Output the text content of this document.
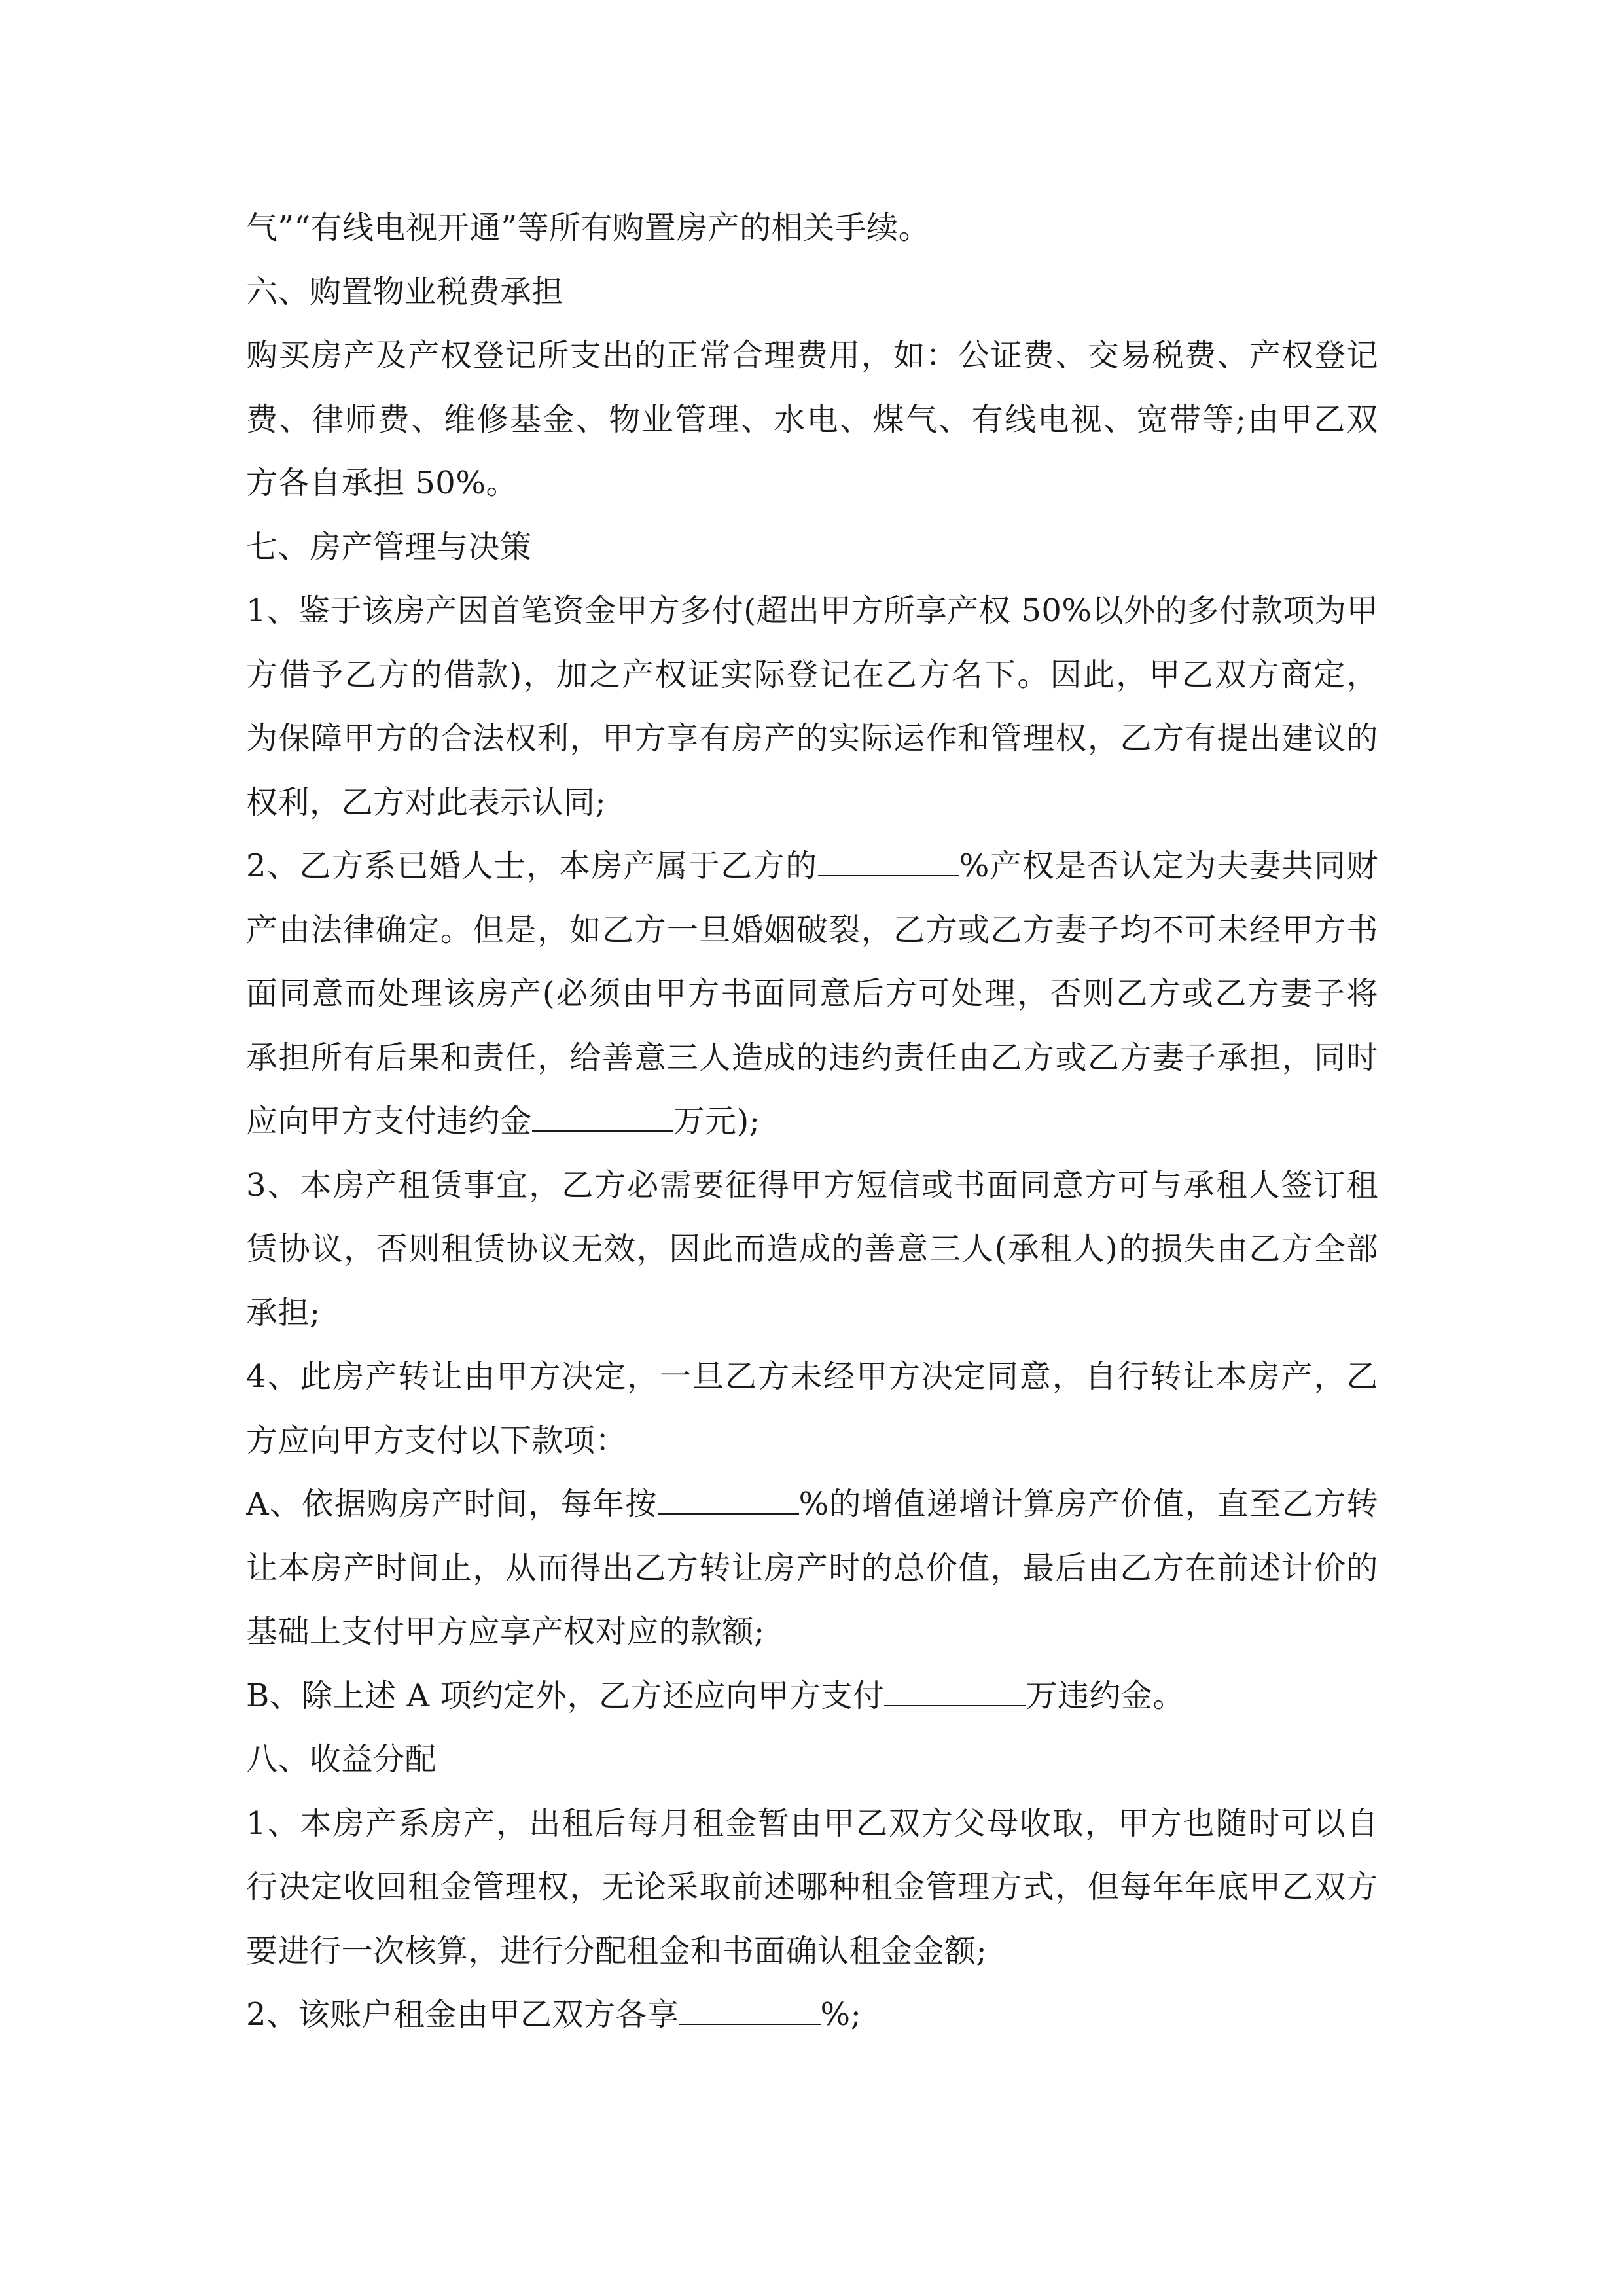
气”“有线电视开通”等所有购置房产的相关手续。
六、购置物业税费承担
购买房产及产权登记所支出的正常合理费用，如：公证费、交易税费、产权登记
费、律师费、维修基金、物业管理、水电、煤气、有线电视、宽带等;由甲乙双
方各自承担 50%。
七、房产管理与决策
1、鉴于该房产因首笔资金甲方多付(超出甲方所享产权 50%以外的多付款项为甲
方借予乙方的借款)，加之产权证实际登记在乙方名下。因此，甲乙双方商定，
为保障甲方的合法权利，甲方享有房产的实际运作和管理权，乙方有提出建议的
权利，乙方对此表示认同;
2、乙方系已婚人士，本房产属于乙方的	%产权是否认定为夫妻共同财
产由法律确定。但是，如乙方一旦婚姻破裂，乙方或乙方妻子均不可未经甲方书
面同意而处理该房产(必须由甲方书面同意后方可处理，否则乙方或乙方妻子将
承担所有后果和责任，给善意三人造成的违约责任由乙方或乙方妻子承担，同时
应向甲方支付违约金	万元);
3、本房产租赁事宜，乙方必需要征得甲方短信或书面同意方可与承租人签订租
赁协议，否则租赁协议无效，因此而造成的善意三人(承租人)的损失由乙方全部
承担;
4、此房产转让由甲方决定，一旦乙方未经甲方决定同意，自行转让本房产，乙
方应向甲方支付以下款项：
A、依据购房产时间，每年按	%的增值递增计算房产价值，直至乙方转
让本房产时间止，从而得出乙方转让房产时的总价值，最后由乙方在前述计价的
基础上支付甲方应享产权对应的款额;
B、除上述 A 项约定外，乙方还应向甲方支付	万违约金。
八、收益分配
1、本房产系房产，出租后每月租金暂由甲乙双方父母收取，甲方也随时可以自
行决定收回租金管理权，无论采取前述哪种租金管理方式，但每年年底甲乙双方
要进行一次核算，进行分配租金和书面确认租金金额;
2、该账户租金由甲乙双方各享	%;
